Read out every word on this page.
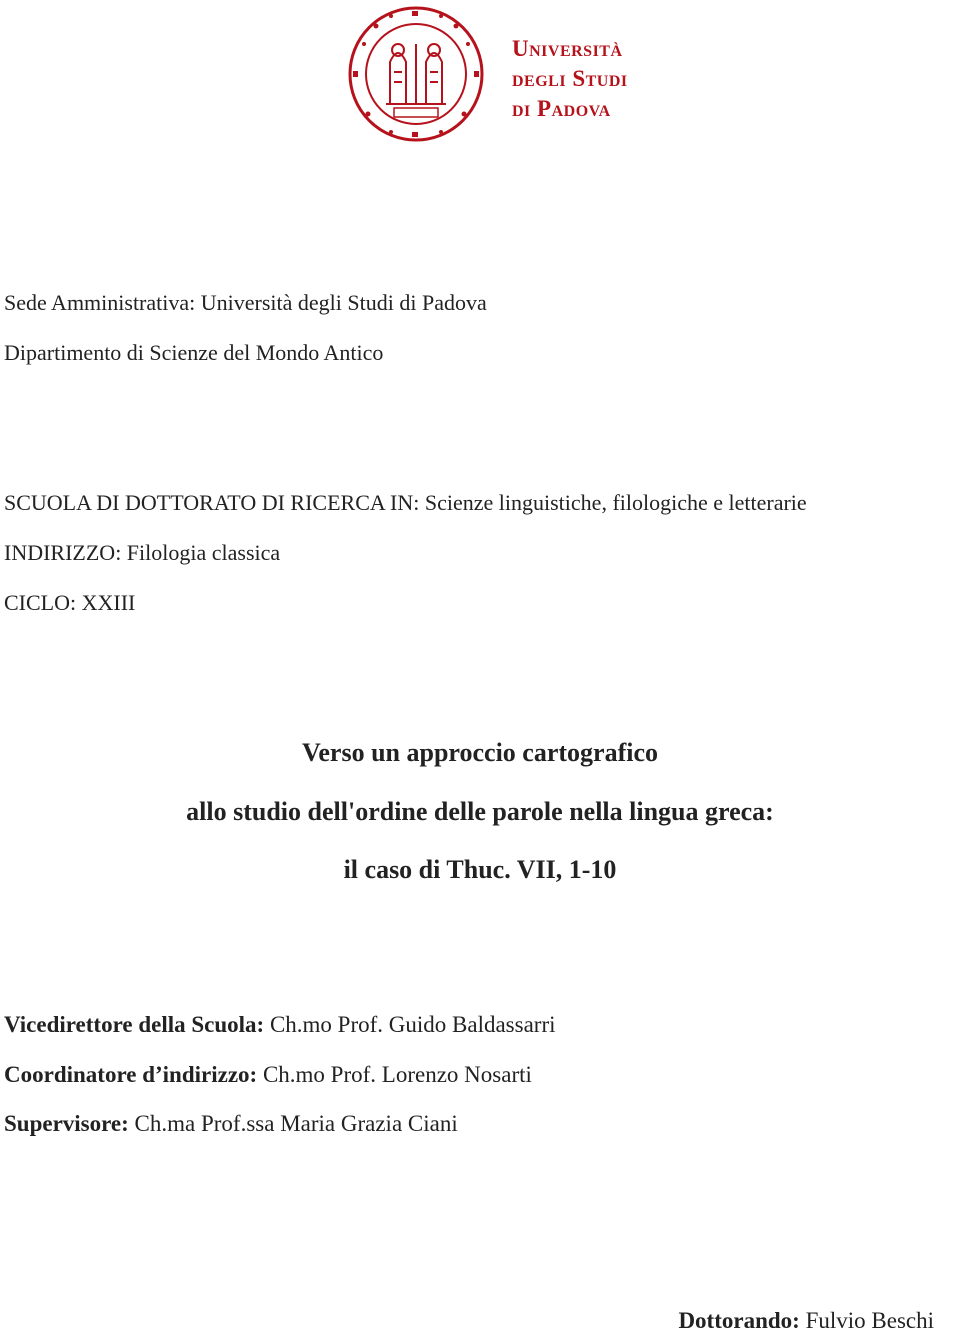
Università
degli Studi
di Padova
Sede Amministrativa: Università degli Studi di Padova
Dipartimento di Scienze del Mondo Antico
SCUOLA DI DOTTORATO DI RICERCA IN: Scienze linguistiche, filologiche e letterarie
INDIRIZZO: Filologia classica
CICLO: XXIII
Verso un approccio cartografico
allo studio dell'ordine delle parole nella lingua greca:
il caso di Thuc. VII, 1-10
Vicedirettore della Scuola: Ch.mo Prof. Guido Baldassarri
Coordinatore d’indirizzo: Ch.mo Prof. Lorenzo Nosarti
Supervisore: Ch.ma Prof.ssa Maria Grazia Ciani
Dottorando: Fulvio Beschi
